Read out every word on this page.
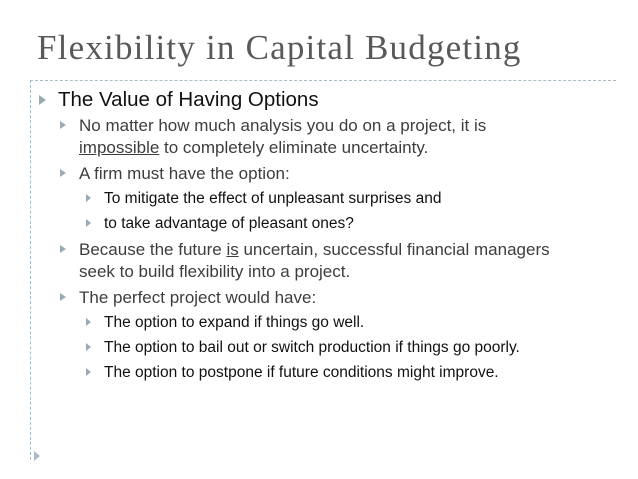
Flexibility in Capital Budgeting
The Value of Having Options
No matter how much analysis you do on a project, it is
impossible to completely eliminate uncertainty.
A firm must have the option:
To mitigate the effect of unpleasant surprises and
to take advantage of pleasant ones?
Because the future is uncertain, successful financial managers
seek to build flexibility into a project.
The perfect project would have:
The option to expand if things go well.
The option to bail out or switch production if things go poorly.
The option to postpone if future conditions might improve.
